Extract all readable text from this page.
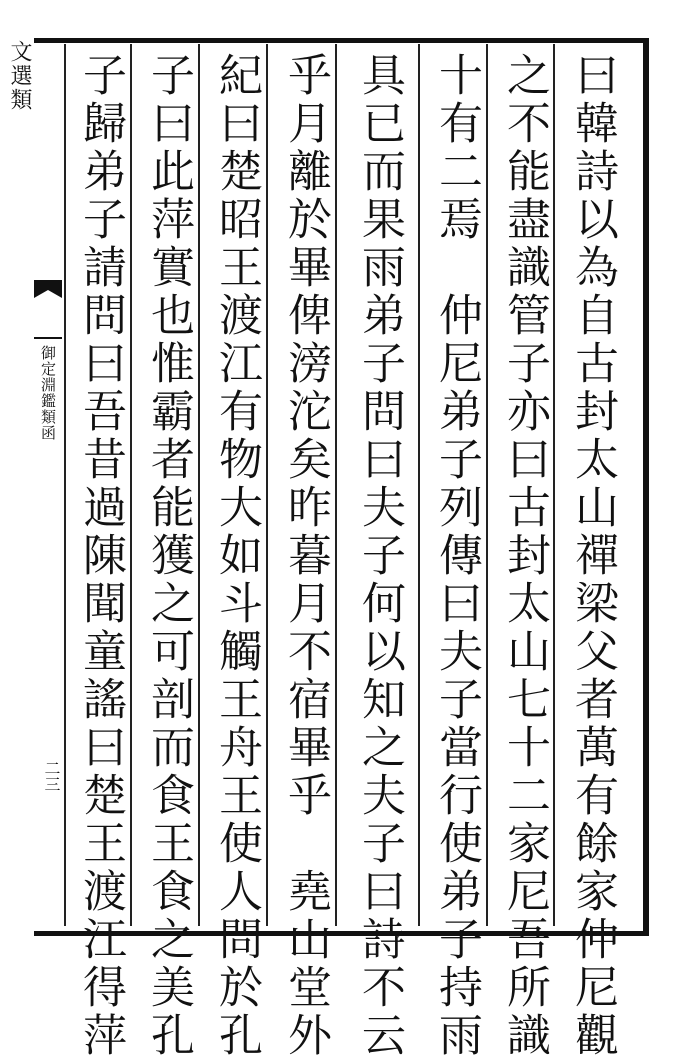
文選類
御定淵鑑類函
二三	曰韓詩以為自古封太山禪梁父者萬有餘家仲尼觀
之不能盡識管子亦曰古封太山七十二家尼吾所識
十有二焉　仲尼弟子列傳曰夫子當行使弟子持雨
具已而果雨弟子問曰夫子何以知之夫子曰詩不云
乎月離於畢俾滂沱矣昨暮月不宿畢乎　堯山堂外
紀曰楚昭王渡江有物大如斗觸王舟王使人問於孔
子曰此萍實也惟霸者能獲之可剖而食王食之美孔
子歸弟子請問曰吾昔過陳聞童謠曰楚王渡江得萍
